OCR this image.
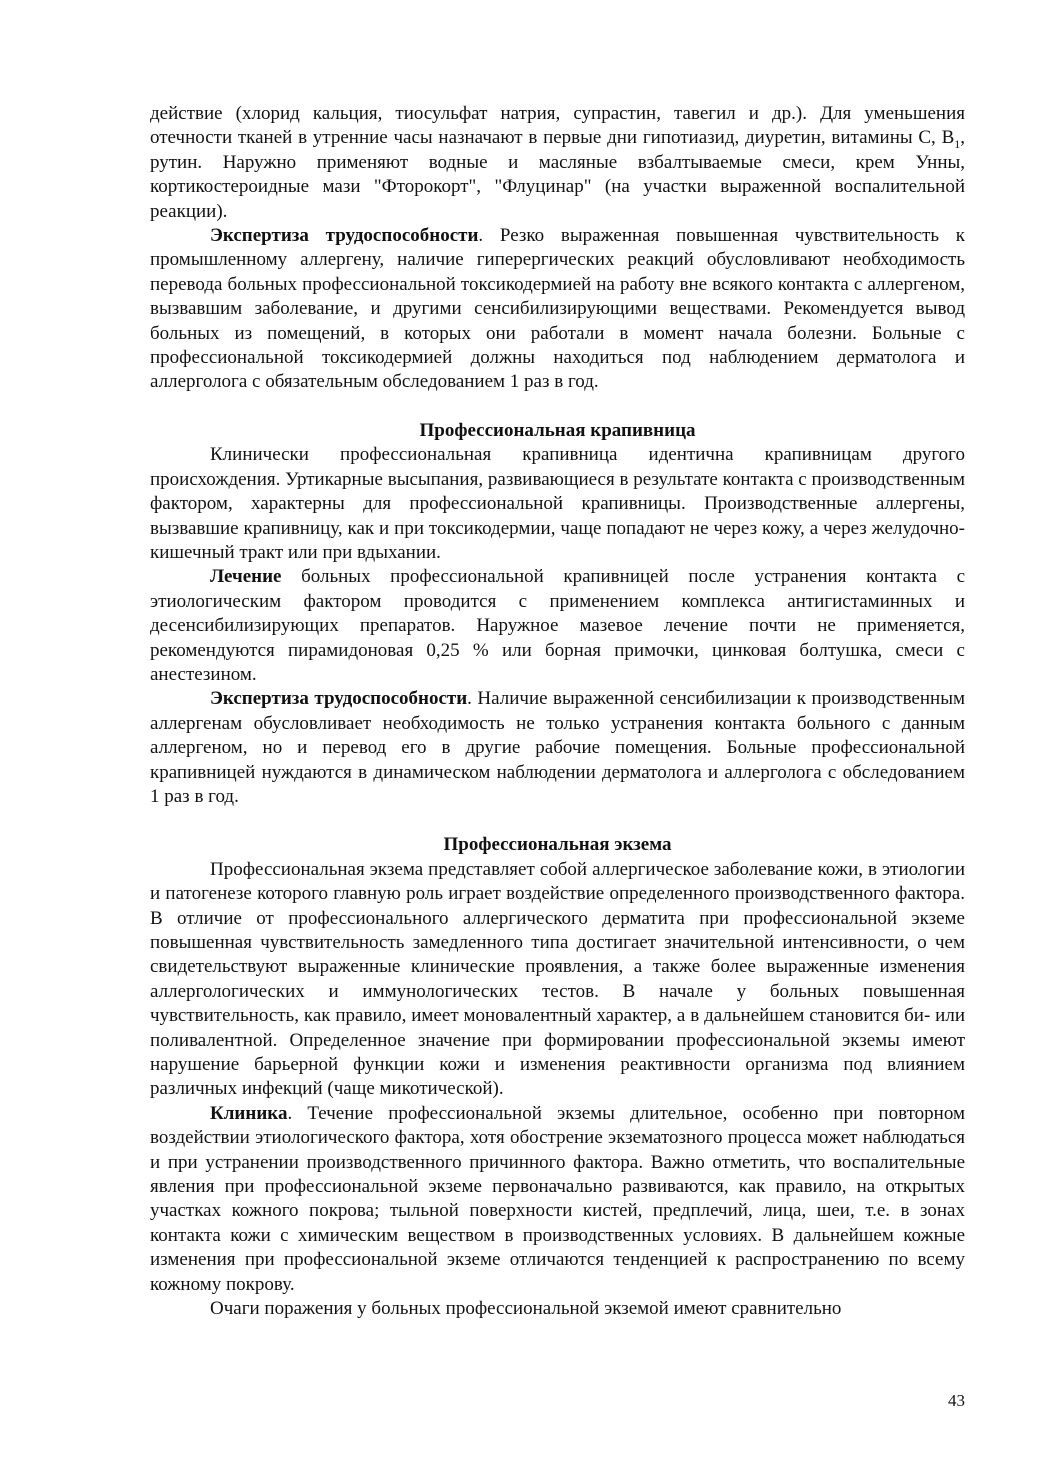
действие (хлорид кальция, тиосульфат натрия, супрастин, тавегил и др.). Для уменьшения отечности тканей в утренние часы назначают в первые дни гипотиазид, диуретин, витамины С, $В_1$, рутин. Наружно применяют водные и масляные взбалтываемые смеси, крем Унны, кортикостероидные мази "Фторокорт", "Флуцинар" (на участки выраженной воспалительной реакции).

Экспертиза трудоспособности. Резко выраженная повышенная чувствительность к промышленному аллергену, наличие гиперергических реакций обусловливают необходимость перевода больных профессиональной токсикодермией на работу вне всякого контакта с аллергеном, вызвавшим заболевание, и другими сенсибилизирующими веществами. Рекомендуется вывод больных из помещений, в которых они работали в момент начала болезни. Больные с профессиональной токсикодермией должны находиться под наблюдением дерматолога и аллерголога с обязательным обследованием 1 раз в год.

Профессиональная крапивница

Клинически профессиональная крапивница идентична крапивницам другого происхождения. Уртикарные высыпания, развивающиеся в результате контакта с производственным фактором, характерны для профессиональной крапивницы. Производственные аллергены, вызвавшие крапивницу, как и при токсикодермии, чаще попадают не через кожу, а через желудочно-кишечный тракт или при вдыхании.

Лечение больных профессиональной крапивницей после устранения контакта с этиологическим фактором проводится с применением комплекса антигистаминных и десенсибилизирующих препаратов. Наружное мазевое лечение почти не применяется, рекомендуются пирамидоновая 0,25 % или борная примочки, цинковая болтушка, смеси с анестезином.

Экспертиза трудоспособности. Наличие выраженной сенсибилизации к производственным аллергенам обусловливает необходимость не только устранения контакта больного с данным аллергеном, но и перевод его в другие рабочие помещения. Больные профессиональной крапивницей нуждаются в динамическом наблюдении дерматолога и аллерголога с обследованием 1 раз в год.

Профессиональная экзема

Профессиональная экзема представляет собой аллергическое заболевание кожи, в этиологии и патогенезе которого главную роль играет воздействие определенного производственного фактора. В отличие от профессионального аллергического дерматита при профессиональной экземе повышенная чувствительность замедленного типа достигает значительной интенсивности, о чем свидетельствуют выраженные клинические проявления, а также более выраженные изменения аллергологических и иммунологических тестов. В начале у больных повышенная чувствительность, как правило, имеет моновалентный характер, а в дальнейшем становится би- или поливалентной. Определенное значение при формировании профессиональной экземы имеют нарушение барьерной функции кожи и изменения реактивности организма под влиянием различных инфекций (чаще микотической).

Клиника. Течение профессиональной экземы длительное, особенно при повторном воздействии этиологического фактора, хотя обострение экзематозного процесса может наблюдаться и при устранении производственного причинного фактора. Важно отметить, что воспалительные явления при профессиональной экземе первоначально развиваются, как правило, на открытых участках кожного покрова; тыльной поверхности кистей, предплечий, лица, шеи, т.е. в зонах контакта кожи с химическим веществом в производственных условиях. В дальнейшем кожные изменения при профессиональной экземе отличаются тенденцией к распространению по всему кожному покрову.

Очаги поражения у больных профессиональной экземой имеют сравнительно

43
